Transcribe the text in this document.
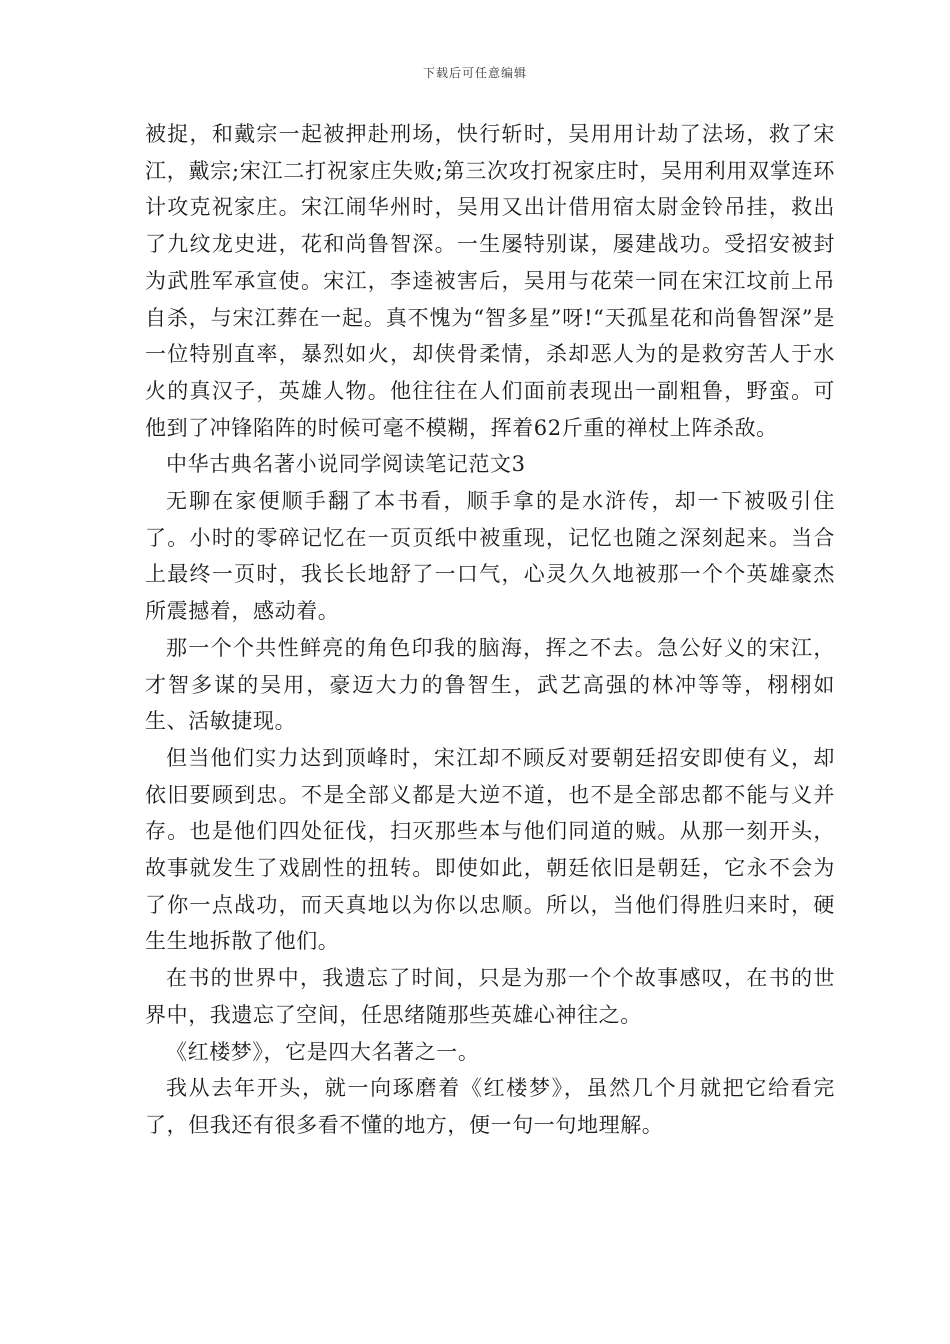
下载后可任意编辑

被捉，和戴宗一起被押赴刑场，快行斩时，吴用用计劫了法场，救了宋江，戴宗;宋江二打祝家庄失败;第三次攻打祝家庄时，吴用利用双掌连环计攻克祝家庄。宋江闹华州时，吴用又出计借用宿太尉金铃吊挂，救出了九纹龙史进，花和尚鲁智深。一生屡特别谋，屡建战功。受招安被封为武胜军承宣使。宋江，李逵被害后，吴用与花荣一同在宋江坟前上吊自杀，与宋江葬在一起。真不愧为“智多星”呀!“天孤星花和尚鲁智深”是一位特别直率，暴烈如火，却侠骨柔情，杀却恶人为的是救穷苦人于水火的真汉子，英雄人物。他往往在人们面前表现出一副粗鲁，野蛮。可他到了冲锋陷阵的时候可毫不模糊，挥着62斤重的禅杖上阵杀敌。

中华古典名著小说同学阅读笔记范文3

无聊在家便顺手翻了本书看，顺手拿的是水浒传，却一下被吸引住了。小时的零碎记忆在一页页纸中被重现，记忆也随之深刻起来。当合上最终一页时，我长长地舒了一口气，心灵久久地被那一个个英雄豪杰所震撼着，感动着。

那一个个共性鲜亮的角色印我的脑海，挥之不去。急公好义的宋江，才智多谋的吴用，豪迈大力的鲁智生，武艺高强的林冲等等，栩栩如生、活敏捷现。

但当他们实力达到顶峰时，宋江却不顾反对要朝廷招安即使有义，却依旧要顾到忠。不是全部义都是大逆不道，也不是全部忠都不能与义并存。也是他们四处征伐，扫灭那些本与他们同道的贼。从那一刻开头，故事就发生了戏剧性的扭转。即使如此，朝廷依旧是朝廷，它永不会为了你一点战功，而天真地以为你以忠顺。所以，当他们得胜归来时，硬生生地拆散了他们。

在书的世界中，我遗忘了时间，只是为那一个个故事感叹，在书的世界中，我遗忘了空间，任思绪随那些英雄心神往之。

《红楼梦》，它是四大名著之一。

我从去年开头，就一向琢磨着《红楼梦》，虽然几个月就把它给看完了，但我还有很多看不懂的地方，便一句一句地理解。
